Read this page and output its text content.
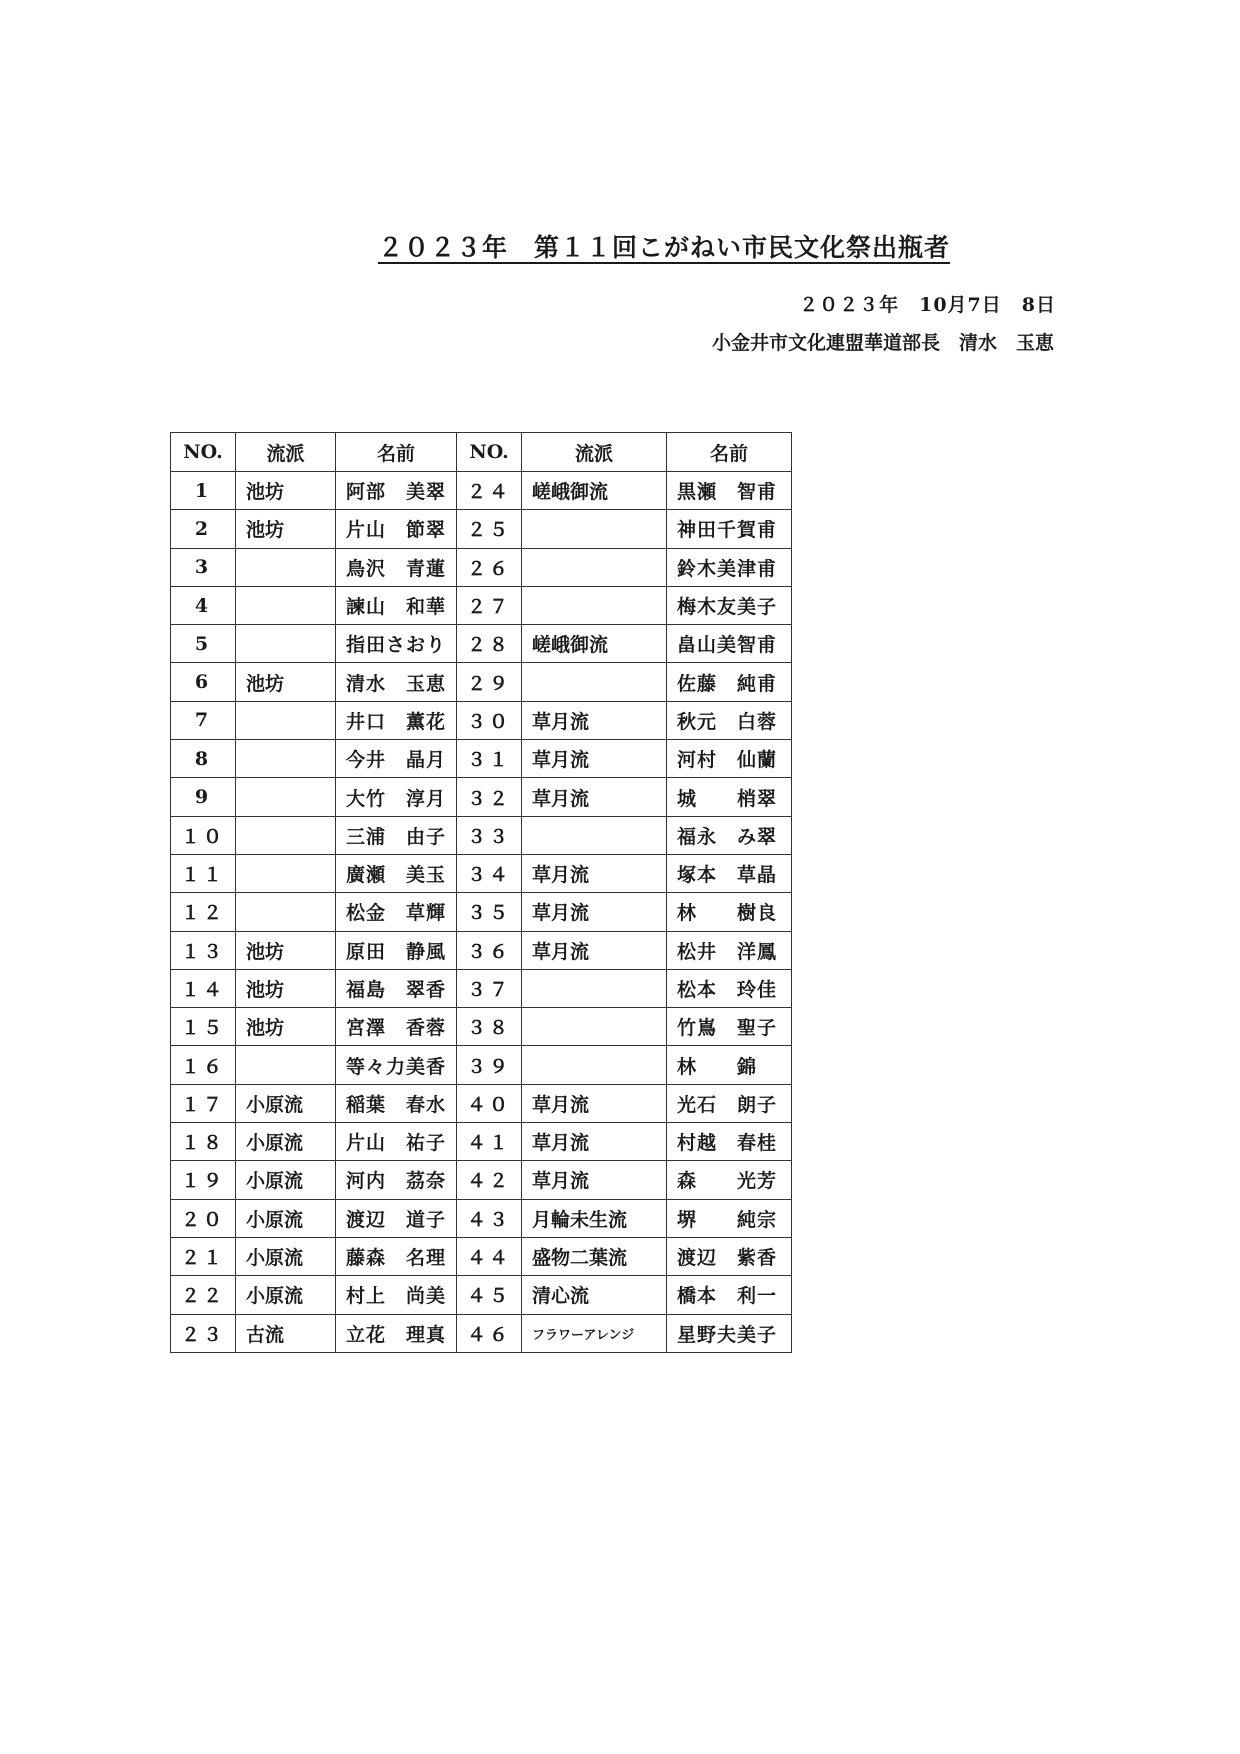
２０２３年　第１１回こがねい市民文化祭出瓶者
２０２３年　10月7日　8日
小金井市文化連盟華道部長　清水　玉恵
NO.	流派	名前	NO.	流派	名前
1	池坊	阿部　美翠	２４	嵯峨御流	黒瀬　智甫
2	池坊	片山　節翠	２５		神田千賀甫
3		鳥沢　青蓮	２６		鈴木美津甫
4		諫山　和華	２７		梅木友美子
5		指田さおり	２８	嵯峨御流	畠山美智甫
6	池坊	清水　玉恵	２９		佐藤　純甫
7		井口　薫花	３０	草月流	秋元　白蓉
8		今井　晶月	３１	草月流	河村　仙蘭
9		大竹　淳月	３２	草月流	城　　梢翠
１０		三浦　由子	３３		福永　み翠
１１		廣瀬　美玉	３４	草月流	塚本　草晶
１２		松金　草輝	３５	草月流	林　　樹良
１３	池坊	原田　静風	３６	草月流	松井　洋鳳
１４	池坊	福島　翠香	３７		松本　玲佳
１５	池坊	宮澤　香蓉	３８		竹嶌　聖子
１６		等々力美香	３９		林　　錦
１７	小原流	稲葉　春水	４０	草月流	光石　朗子
１８	小原流	片山　祐子	４１	草月流	村越　春桂
１９	小原流	河内　茘奈	４２	草月流	森　　光芳
２０	小原流	渡辺　道子	４３	月輪未生流	堺　　純宗
２１	小原流	藤森　名理	４４	盛物二葉流	渡辺　紫香
２２	小原流	村上　尚美	４５	清心流	橋本　利一
２３	古流	立花　理真	４６	フラワーアレンジ	星野夫美子
